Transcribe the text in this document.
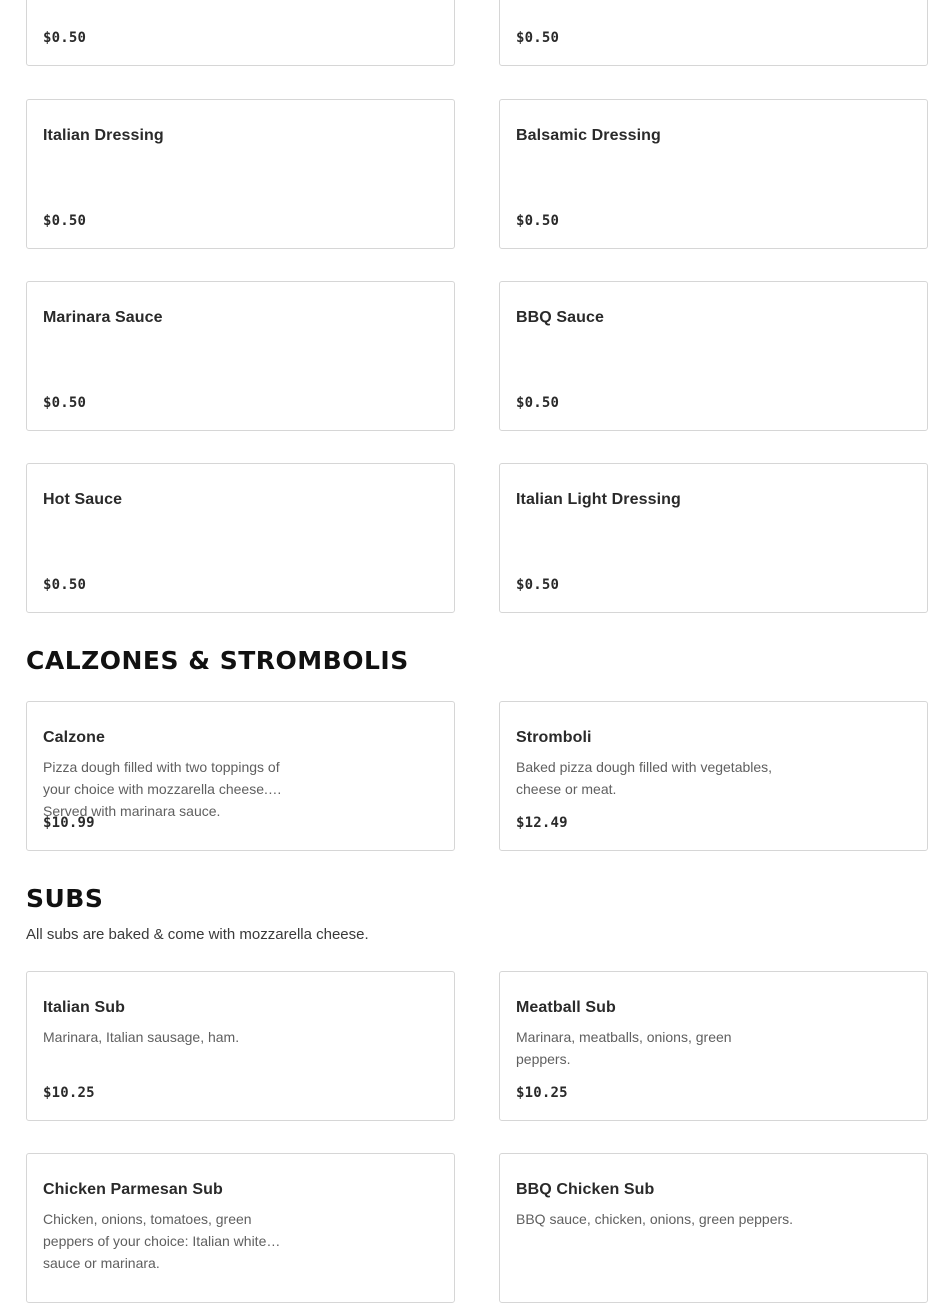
$0.50	$0.50
Italian Dressing
$0.50
Balsamic Dressing
$0.50
Marinara Sauce
$0.50
BBQ Sauce
$0.50
Hot Sauce
$0.50
Italian Light Dressing
$0.50
CALZONES & STROMBOLIS
Calzone
Pizza dough filled with two toppings of your choice with mozzarella cheese. Served with marinara sauce.
$10.99
Stromboli
Baked pizza dough filled with vegetables, cheese or meat.
$12.49
SUBS

All subs are baked & come with mozzarella cheese.

Italian Sub
Marinara, Italian sausage, ham.
$10.25
Meatball Sub
Marinara, meatballs, onions, green peppers.
$10.25
Chicken Parmesan Sub
Chicken, onions, tomatoes, green peppers of your choice: Italian white sauce or marinara.
BBQ Chicken Sub
BBQ sauce, chicken, onions, green peppers.
